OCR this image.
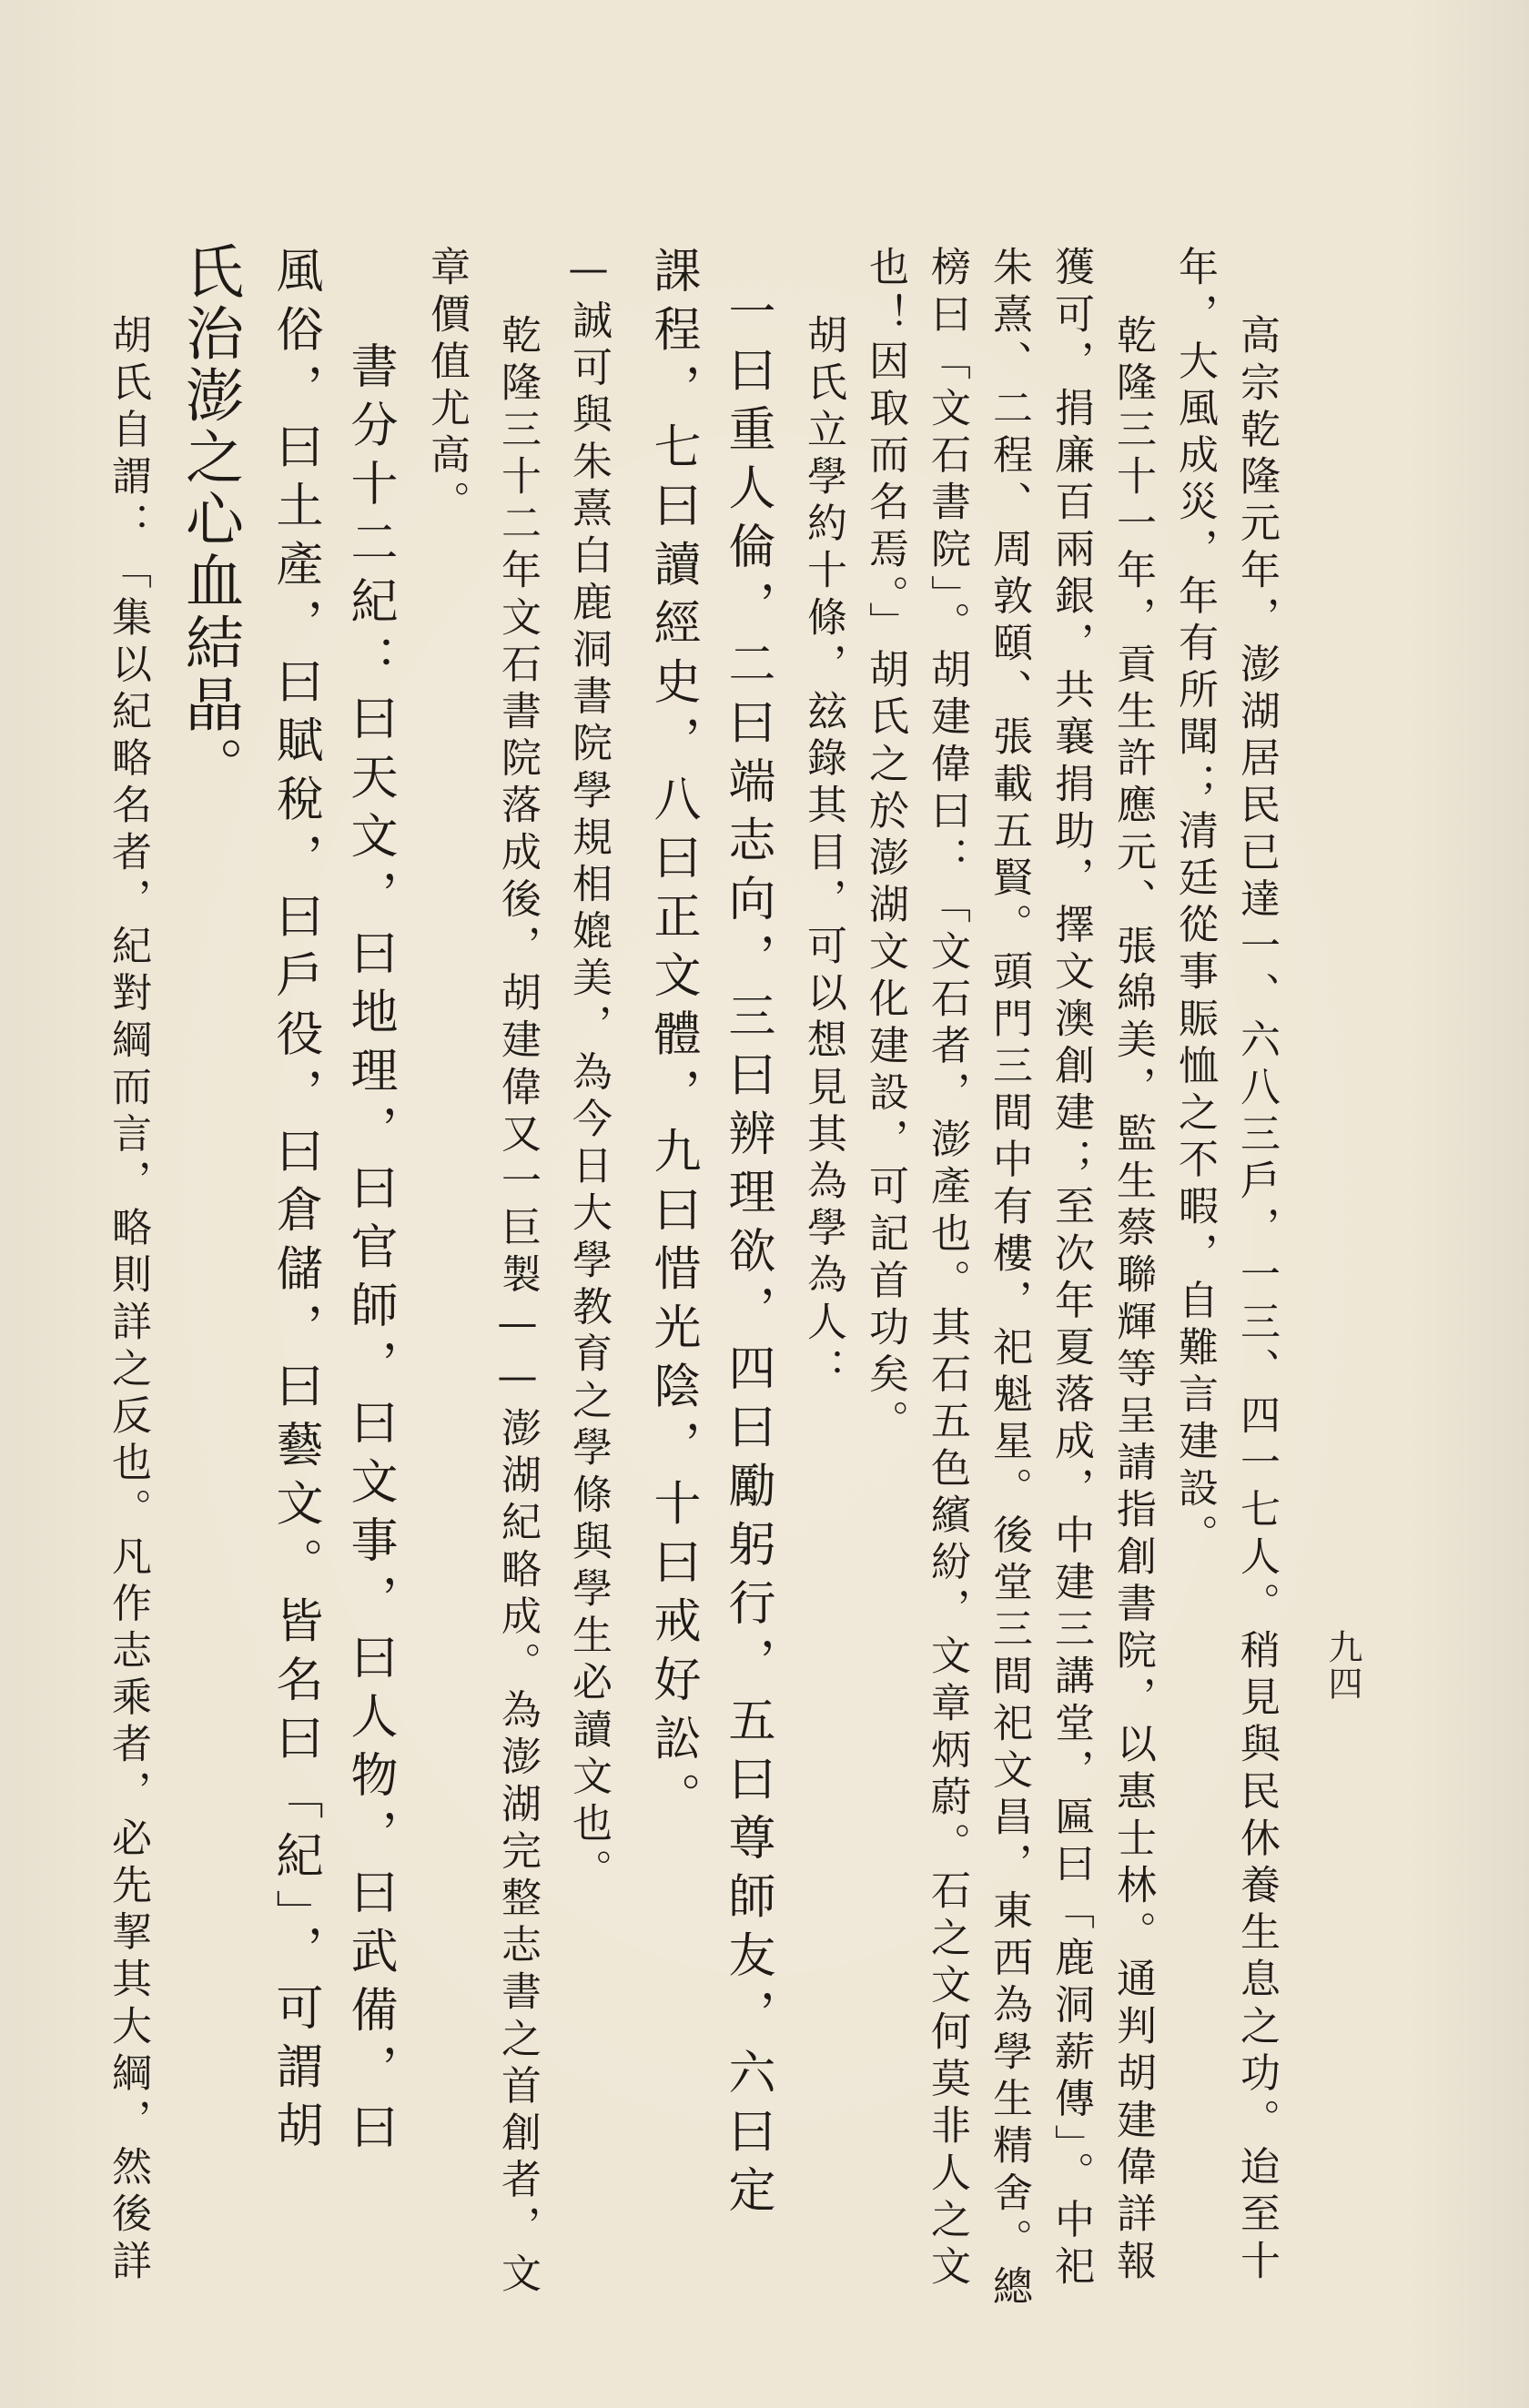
九四
高宗乾隆元年，澎湖居民已達一、六八三戶，一三、四一七人。稍見與民休養生息之功。迨至十
年，大風成災，年有所聞；清廷從事賑恤之不暇，自難言建設。
乾隆三十一年，貢生許應元、張綿美，監生蔡聯輝等呈請指創書院，以惠士林。通判胡建偉詳報
獲可，捐廉百兩銀，共襄捐助，擇文澳創建；至次年夏落成，中建三講堂，匾曰「鹿洞薪傳」。中祀
朱熹、二程、周敦頤、張載五賢。頭門三間中有樓，祀魁星。後堂三間祀文昌，東西為學生精舍。總
榜曰「文石書院」。胡建偉曰：「文石者，澎產也。其石五色繽紛，文章炳蔚。石之文何莫非人之文
也！因取而名焉。」胡氏之於澎湖文化建設，可記首功矣。
胡氏立學約十條，玆錄其目，可以想見其為學為人：
一曰重人倫，二曰端志向，三曰辨理欲，四曰勵躬行，五曰尊師友，六曰定
課程，七曰讀經史，八曰正文體，九曰惜光陰，十曰戒好訟。
—誠可與朱熹白鹿洞書院學規相媲美，為今日大學教育之學條與學生必讀文也。
乾隆三十二年文石書院落成後，胡建偉又一巨製——澎湖紀略成。為澎湖完整志書之首創者，文
章價值尤高。
書分十二紀：曰天文，曰地理，曰官師，曰文事，曰人物，曰武備，曰
風俗，曰土產，曰賦稅，曰戶役，曰倉儲，曰藝文。皆名曰「紀」，可謂胡
氏治澎之心血結晶。
胡氏自謂：「集以紀略名者，紀對綱而言，略則詳之反也。凡作志乘者，必先挈其大綱，然後詳
